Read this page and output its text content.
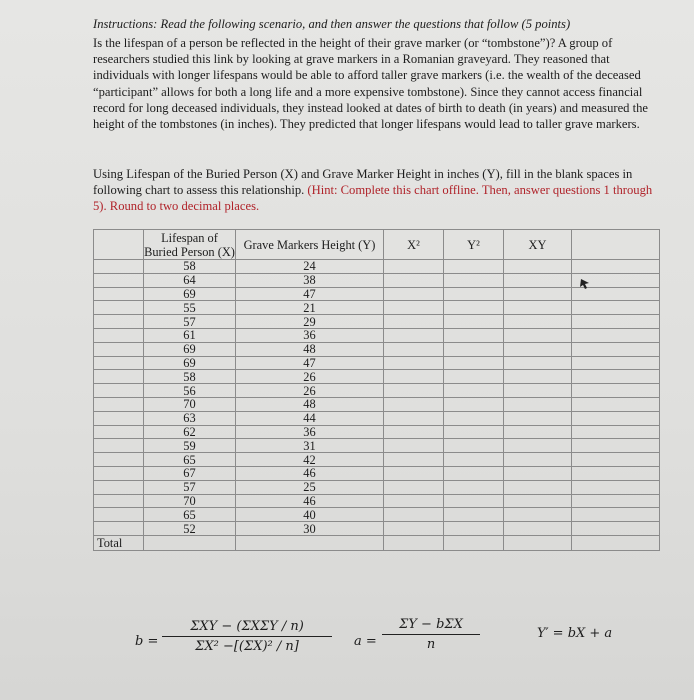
Instructions: Read the following scenario, and then answer the questions that follow (5 points)
Is the lifespan of a person be reflected in the height of their grave marker (or “tombstone”)? A group of researchers studied this link by looking at grave markers in a Romanian graveyard. They reasoned that individuals with longer lifespans would be able to afford taller grave markers (i.e. the wealth of the deceased “participant” allows for both a long life and a more expensive tombstone). Since they cannot access financial record for long deceased individuals, they instead looked at dates of birth to death (in years) and measured the height of the tombstones (in inches). They predicted that longer lifespans would lead to taller grave markers.
Using Lifespan of the Buried Person (X) and Grave Marker Height in inches (Y), fill in the blank spaces in following chart to assess this relationship. (Hint: Complete this chart offline. Then, answer questions 1 through 5). Round to two decimal places.
	Lifespan of Buried Person (X)	Grave Markers Height (Y)	X²	Y²	XY	
	58	24				
	64	38				
	69	47				
	55	21				
	57	29				
	61	36				
	69	48				
	69	47				
	58	26				
	56	26				
	70	48				
	63	44				
	62	36				
	59	31				
	65	42				
	67	46				
	57	25				
	70	46				
	65	40				
	52	30				
Total						
b =
ΣXY − (ΣXΣY / n)
ΣX² −[(ΣX)² / n]	a =
ΣY − bΣX
n
Y′ = bX + a
